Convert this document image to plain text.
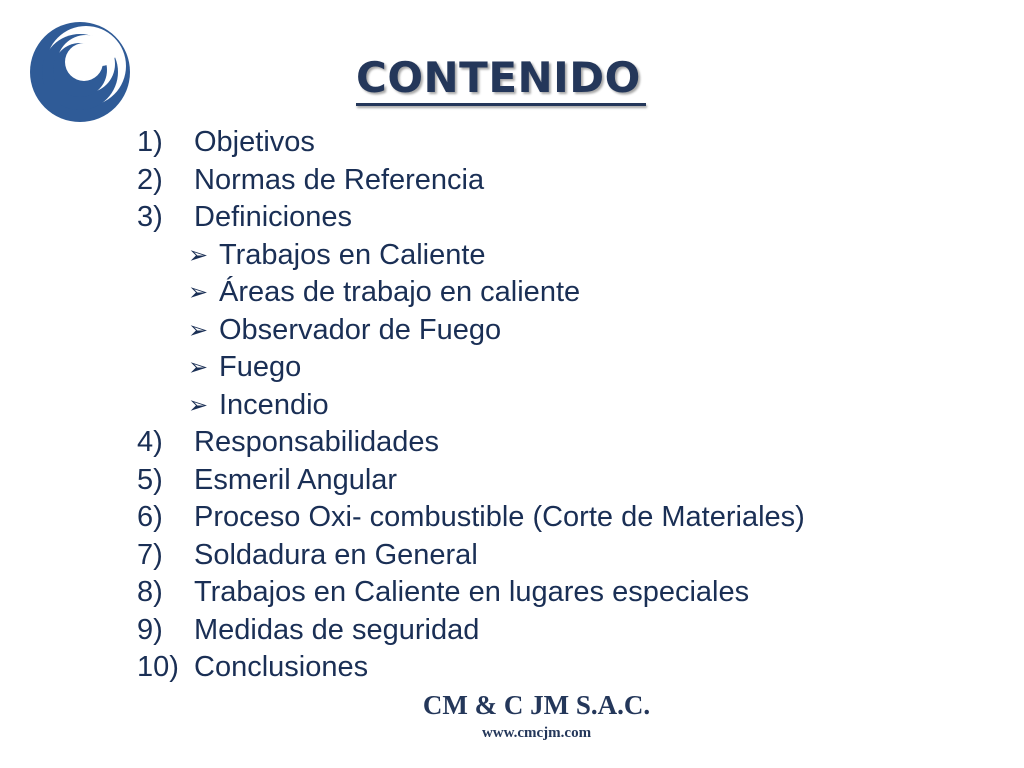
CONTENIDO
1) Objetivos
2) Normas de Referencia
3) Definiciones
➢ Trabajos en Caliente
➢ Áreas de trabajo en caliente
➢ Observador de Fuego
➢ Fuego
➢ Incendio
4) Responsabilidades
5) Esmeril Angular
6) Proceso Oxi- combustible (Corte de Materiales)
7) Soldadura en General
8) Trabajos en Caliente en lugares especiales
9) Medidas de seguridad
10) Conclusiones
CM & C JM S.A.C.
www.cmcjm.com
